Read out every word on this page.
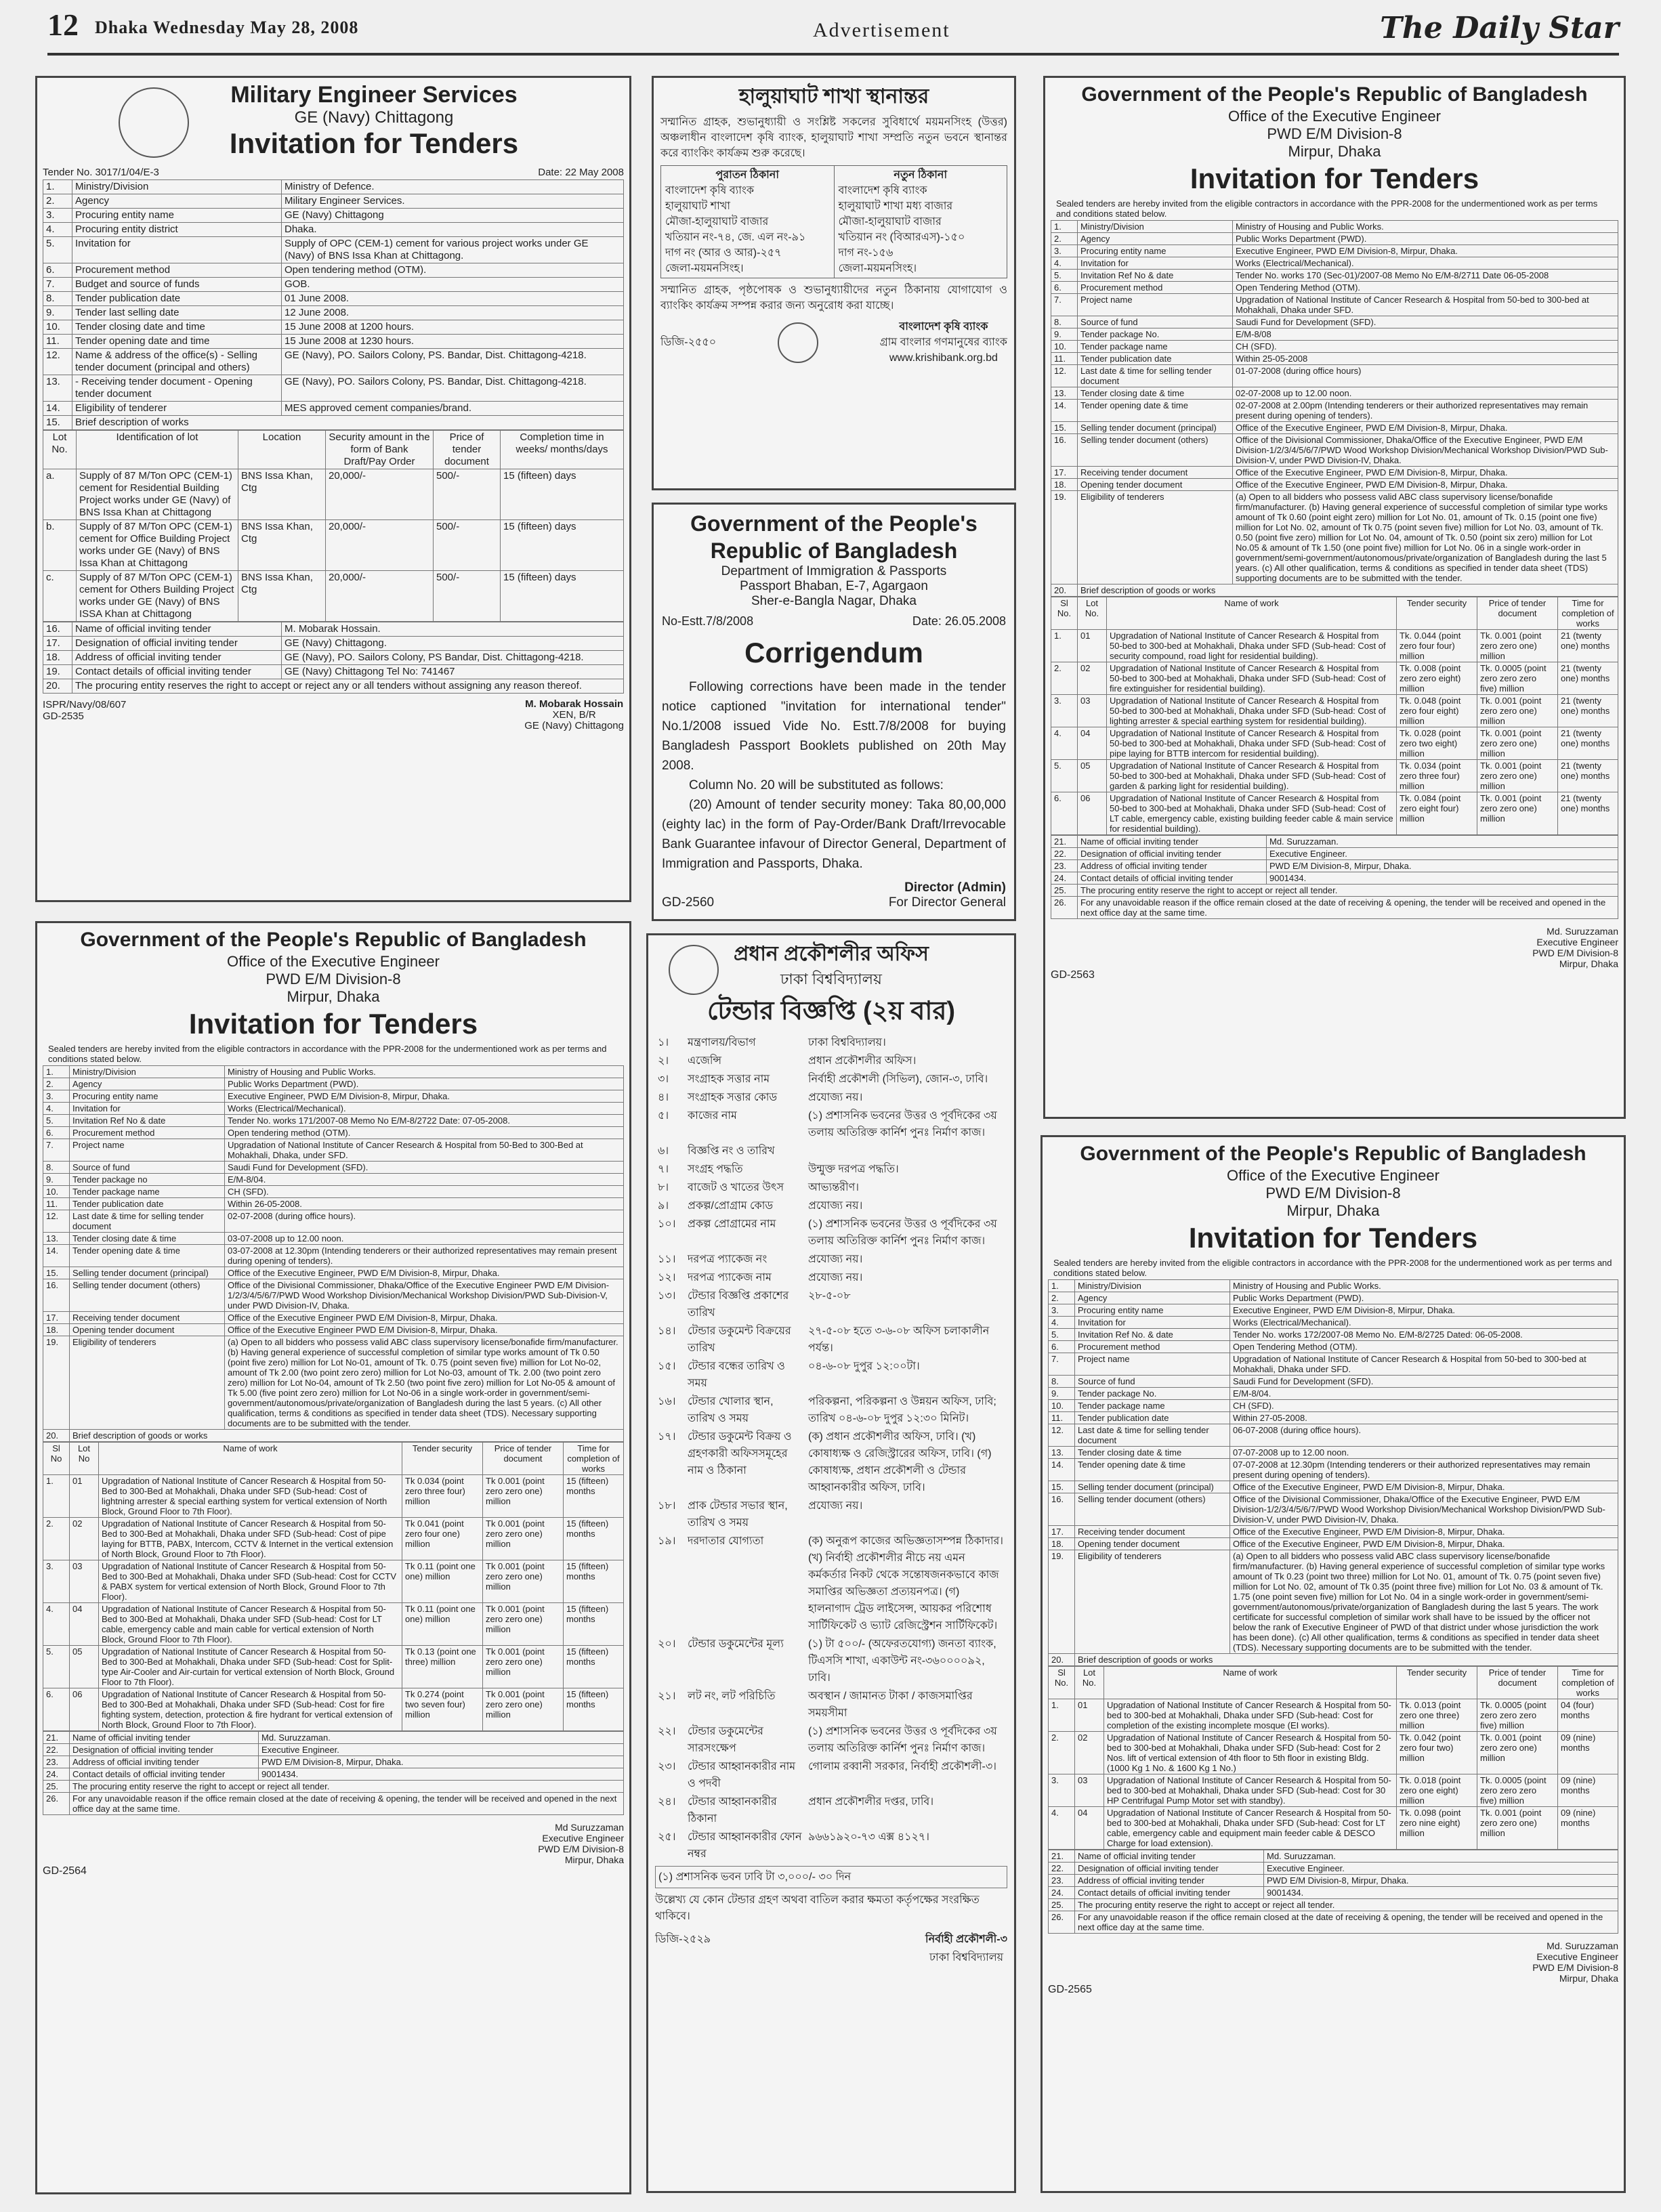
12 Dhaka Wednesday May 28, 2008	Advertisement	The Daily Star
Military Engineer Services
GE (Navy) Chittagong
Invitation for Tenders
Tender No. 3017/1/04/E-3	Date: 22 May 2008
1.	Ministry/Division	Ministry of Defence.
2.	Agency	Military Engineer Services.
3.	Procuring entity name	GE (Navy) Chittagong
4.	Procuring entity district	Dhaka.
5.	Invitation for	Supply of OPC (CEM-1) cement for various project works under GE (Navy) of BNS Issa Khan at Chittagong.
6.	Procurement method	Open tendering method (OTM).
7.	Budget and source of funds	GOB.
8.	Tender publication date	01 June 2008.
9.	Tender last selling date	12 June 2008.
10.	Tender closing date and time	15 June 2008 at 1200 hours.
11.	Tender opening date and time	15 June 2008 at 1230 hours.
12.	Name & address of the office(s) - Selling tender document (principal and others)	GE (Navy), PO. Sailors Colony, PS. Bandar, Dist. Chittagong-4218.
13.	- Receiving tender document - Opening tender document	GE (Navy), PO. Sailors Colony, PS. Bandar, Dist. Chittagong-4218.
14.	Eligibility of tenderer	MES approved cement companies/brand.
15.	Brief description of works	
Lot No.	Identification of lot	Location	Security amount in the form of Bank Draft/Pay Order	Price of tender document	Completion time in weeks/ months/days
a.	Supply of 87 M/Ton OPC (CEM-1) cement for Residential Building Project works under GE (Navy) of BNS Issa Khan at Chittagong	BNS Issa Khan, Ctg	20,000/-	500/-	15 (fifteen) days
b.	Supply of 87 M/Ton OPC (CEM-1) cement for Office Building Project works under GE (Navy) of BNS Issa Khan at Chittagong	BNS Issa Khan, Ctg	20,000/-	500/-	15 (fifteen) days
c.	Supply of 87 M/Ton OPC (CEM-1) cement for Others Building Project works under GE (Navy) of BNS ISSA Khan at Chittagong	BNS Issa Khan, Ctg	20,000/-	500/-	15 (fifteen) days
16.	Name of official inviting tender	M. Mobarak Hossain.
17.	Designation of official inviting tender	GE (Navy) Chittagong.
18.	Address of official inviting tender	GE (Navy), PO. Sailors Colony, PS Bandar, Dist. Chittagong-4218.
19.	Contact details of official inviting tender	GE (Navy) Chittagong Tel No: 741467
20.	The procuring entity reserves the right to accept or reject any or all tenders without assigning any reason thereof.	
ISPR/Navy/08/607
GD-2535
M. Mobarak Hossain
XEN, B/R
GE (Navy) Chittagong
হালুয়াঘাট শাখা স্থানান্তর
সম্মানিত গ্রাহক, শুভানুধ্যায়ী ও সংশ্লিষ্ট সকলের সুবিধার্থে ময়মনসিংহ (উত্তর) অঞ্চলাধীন বাংলাদেশ কৃষি ব্যাংক, হালুয়াঘাট শাখা সম্প্রতি নতুন ভবনে স্থানান্তর করে ব্যাংকিং কার্যক্রম শুরু করেছে।
পুরাতন ঠিকানা
বাংলাদেশ কৃষি ব্যাংক
হালুয়াঘাট শাখা
মৌজা-হালুয়াঘাট বাজার
খতিয়ান নং-৭৪, জে. এল নং-৯১
দাগ নং (আর ও আর)-২৫৭
জেলা-ময়মনসিংহ।
নতুন ঠিকানা
বাংলাদেশ কৃষি ব্যাংক
হালুয়াঘাট শাখা মধ্য বাজার
মৌজা-হালুয়াঘাট বাজার
খতিয়ান নং (বিআরএস)-১৫০
দাগ নং-১৫৬
জেলা-ময়মনসিংহ।
সম্মানিত গ্রাহক, পৃষ্ঠপোষক ও শুভানুধ্যায়ীদের নতুন ঠিকানায় যোগাযোগ ও ব্যাংকিং কার্যক্রম সম্পন্ন করার জন্য অনুরোধ করা যাচ্ছে।
ডিজি-২৫৫০
বাংলাদেশ কৃষি ব্যাংক
গ্রাম বাংলার গণমানুষের ব্যাংক
www.krishibank.org.bd
Government of the People's
Republic of Bangladesh
Department of Immigration & Passports
Passport Bhaban, E-7, Agargaon
Sher-e-Bangla Nagar, Dhaka
No-Estt.7/8/2008	Date: 26.05.2008
Corrigendum
Following corrections have been made in the tender notice captioned "invitation for international tender" No.1/2008 issued Vide No. Estt.7/8/2008 for buying Bangladesh Passport Booklets published on 20th May 2008.
Column No. 20 will be substituted as follows:
(20) Amount of tender security money: Taka 80,00,000 (eighty lac) in the form of Pay-Order/Bank Draft/Irrevocable Bank Guarantee infavour of Director General, Department of Immigration and Passports, Dhaka.
Director (Admin)
GD-2560	For Director General
প্রধান প্রকৌশলীর অফিস
ঢাকা বিশ্ববিদ্যালয়
টেন্ডার বিজ্ঞপ্তি (২য় বার)
১।	মন্ত্রণালয়/বিভাগ	ঢাকা বিশ্ববিদ্যালয়।
২।	এজেন্সি	প্রধান প্রকৌশলীর অফিস।
৩।	সংগ্রাহক সত্তার নাম	নির্বাহী প্রকৌশলী (সিভিল), জোন-৩, ঢাবি।
৪।	সংগ্রাহক সত্তার কোড	প্রযোজ্য নয়।
৫।	কাজের নাম	(১) প্রশাসনিক ভবনের উত্তর ও পূর্বদিকের ৩য় তলায় অতিরিক্ত কার্নিশ পুনঃ নির্মাণ কাজ।
৬।	বিজ্ঞপ্তি নং ও তারিখ	
৭।	সংগ্রহ পদ্ধতি	উন্মুক্ত দরপত্র পদ্ধতি।
৮।	বাজেট ও খাতের উৎস	আভ্যন্তরীণ।
৯।	প্রকল্প/প্রোগ্রাম কোড	প্রযোজ্য নয়।
১০।	প্রকল্প প্রোগ্রামের নাম	(১) প্রশাসনিক ভবনের উত্তর ও পূর্বদিকের ৩য় তলায় অতিরিক্ত কার্নিশ পুনঃ নির্মাণ কাজ।
১১।	দরপত্র প্যাকেজ নং	প্রযোজ্য নয়।
১২।	দরপত্র প্যাকেজ নাম	প্রযোজ্য নয়।
১৩।	টেন্ডার বিজ্ঞপ্তি প্রকাশের তারিখ	২৮-৫-০৮
১৪।	টেন্ডার ডকুমেন্ট বিক্রয়ের তারিখ	২৭-৫-০৮ হতে ৩-৬-০৮ অফিস চলাকালীন পর্যন্ত।
১৫।	টেন্ডার বন্ধের তারিখ ও সময়	০৪-৬-০৮ দুপুর ১২:০০টা।
১৬।	টেন্ডার খোলার স্থান, তারিখ ও সময়	পরিকল্পনা, পরিকল্পনা ও উন্নয়ন অফিস, ঢাবি; তারিখ ০৪-৬-০৮ দুপুর ১২:৩০ মিনিট।
১৭।	টেন্ডার ডকুমেন্ট বিক্রয় ও গ্রহণকারী অফিসসমূহের নাম ও ঠিকানা	(ক) প্রধান প্রকৌশলীর অফিস, ঢাবি। (খ) কোষাধ্যক্ষ ও রেজিস্ট্রারের অফিস, ঢাবি। (গ) কোষাধ্যক্ষ, প্রধান প্রকৌশলী ও টেন্ডার আহ্বানকারীর অফিস, ঢাবি।
১৮।	প্রাক টেন্ডার সভার স্থান, তারিখ ও সময়	প্রযোজ্য নয়।
১৯।	দরদাতার যোগ্যতা	(ক) অনুরূপ কাজের অভিজ্ঞতাসম্পন্ন ঠিকাদার। (খ) নির্বাহী প্রকৌশলীর নীচে নয় এমন কর্মকর্তার নিকট থেকে সন্তোষজনকভাবে কাজ সমাপ্তির অভিজ্ঞতা প্রত্যয়নপত্র। (গ) হালনাগাদ ট্রেড লাইসেন্স, আয়কর পরিশোধ সার্টিফিকেট ও ভ্যাট রেজিস্ট্রেশন সার্টিফিকেট।
২০।	টেন্ডার ডকুমেন্টের মূল্য	(১) টা ৫০০/- (অফেরতযোগ্য) জনতা ব্যাংক, টিএসসি শাখা, একাউন্ট নং-৩৬০০০০৯২, ঢাবি।
২১।	লট নং, লট পরিচিতি	অবস্থান / জামানত টাকা / কাজসমাপ্তির সময়সীমা
২২।	টেন্ডার ডকুমেন্টের সারসংক্ষেপ	(১) প্রশাসনিক ভবনের উত্তর ও পূর্বদিকের ৩য় তলায় অতিরিক্ত কার্নিশ পুনঃ নির্মাণ কাজ।
২৩।	টেন্ডার আহ্বানকারীর নাম ও পদবী	গোলাম রব্বানী সরকার, নির্বাহী প্রকৌশলী-৩।
২৪।	টেন্ডার আহ্বানকারীর ঠিকানা	প্রধান প্রকৌশলীর দপ্তর, ঢাবি।
২৫।	টেন্ডার আহ্বানকারীর ফোন নম্বর	৯৬৬১৯২০-৭৩ এক্স ৪১২৭।
(১) প্রশাসনিক ভবন ঢাবি টা ৩,০০০/- ৩০ দিন
উল্লেখ্য যে কোন টেন্ডার গ্রহণ অথবা বাতিল করার ক্ষমতা কর্তৃপক্ষের সংরক্ষিত থাকিবে।
ডিজি-২৫২৯	নির্বাহী প্রকৌশলী-৩
ঢাকা বিশ্ববিদ্যালয়
Government of the People's Republic of Bangladesh
Office of the Executive Engineer
PWD E/M Division-8
Mirpur, Dhaka
Invitation for Tenders
Sealed tenders are hereby invited from the eligible contractors in accordance with the PPR-2008 for the undermentioned work as per terms and conditions stated below.
1.	Ministry/Division	Ministry of Housing and Public Works.
2.	Agency	Public Works Department (PWD).
3.	Procuring entity name	Executive Engineer, PWD E/M Division-8, Mirpur, Dhaka.
4.	Invitation for	Works (Electrical/Mechanical).
5.	Invitation Ref No & date	Tender No. works 170 (Sec-01)/2007-08 Memo No E/M-8/2711 Date 06-05-2008
6.	Procurement method	Open Tendering Method (OTM).
7.	Project name	Upgradation of National Institute of Cancer Research & Hospital from 50-bed to 300-bed at Mohakhali, Dhaka under SFD.
8.	Source of fund	Saudi Fund for Development (SFD).
9.	Tender package No.	E/M-8/08
10.	Tender package name	CH (SFD).
11.	Tender publication date	Within 25-05-2008
12.	Last date & time for selling tender document	01-07-2008 (during office hours)
13.	Tender closing date & time	02-07-2008 up to 12.00 noon.
14.	Tender opening date & time	02-07-2008 at 2.00pm (Intending tenderers or their authorized representatives may remain present during opening of tenders).
15.	Selling tender document (principal)	Office of the Executive Engineer, PWD E/M Division-8, Mirpur, Dhaka.
16.	Selling tender document (others)	Office of the Divisional Commissioner, Dhaka/Office of the Executive Engineer, PWD E/M Division-1/2/3/4/5/6/7/PWD Wood Workshop Division/Mechanical Workshop Division/PWD Sub-Division-V, under PWD Division-IV, Dhaka.
17.	Receiving tender document	Office of the Executive Engineer, PWD E/M Division-8, Mirpur, Dhaka.
18.	Opening tender document	Office of the Executive Engineer, PWD E/M Division-8, Mirpur, Dhaka.
19.	Eligibility of tenderers	(a) Open to all bidders who possess valid ABC class supervisory license/bonafide firm/manufacturer. (b) Having general experience of successful completion of similar type works amount of Tk 0.60 (point eight zero) million for Lot No. 01, amount of Tk. 0.15 (point one five) million for Lot No. 02, amount of Tk 0.75 (point seven five) million for Lot No. 03, amount of Tk. 0.50 (point five zero) million for Lot No. 04, amount of Tk. 0.50 (point six zero) million for Lot No.05 & amount of Tk 1.50 (one point five) million for Lot No. 06 in a single work-order in government/semi-government/autonomous/private/organization of Bangladesh during the last 5 years. (c) All other qualification, terms & conditions as specified in tender data sheet (TDS) supporting documents are to be submitted with the tender.
20.	Brief description of goods or works	
Sl No.	Lot No.	Name of work	Tender security	Price of tender document	Time for completion of works
1.	01	Upgradation of National Institute of Cancer Research & Hospital from 50-bed to 300-bed at Mohakhali, Dhaka under SFD (Sub-head: Cost of security compound, road light for residential building).	Tk. 0.044 (point zero four four) million	Tk. 0.001 (point zero zero one) million	21 (twenty one) months
2.	02	Upgradation of National Institute of Cancer Research & Hospital from 50-bed to 300-bed at Mohakhali, Dhaka under SFD (Sub-head: Cost of fire extinguisher for residential building).	Tk. 0.008 (point zero zero eight) million	Tk. 0.0005 (point zero zero zero five) million	21 (twenty one) months
3.	03	Upgradation of National Institute of Cancer Research & Hospital from 50-bed to 300-bed at Mohakhali, Dhaka under SFD (Sub-head: Cost of lighting arrester & special earthing system for residential building).	Tk. 0.048 (point zero four eight) million	Tk. 0.001 (point zero zero one) million	21 (twenty one) months
4.	04	Upgradation of National Institute of Cancer Research & Hospital from 50-bed to 300-bed at Mohakhali, Dhaka under SFD (Sub-head: Cost of pipe laying for BTTB intercom for residential building).	Tk. 0.028 (point zero two eight) million	Tk. 0.001 (point zero zero one) million	21 (twenty one) months
5.	05	Upgradation of National Institute of Cancer Research & Hospital from 50-bed to 300-bed at Mohakhali, Dhaka under SFD (Sub-head: Cost of garden & parking light for residential building).	Tk. 0.034 (point zero three four) million	Tk. 0.001 (point zero zero one) million	21 (twenty one) months
6.	06	Upgradation of National Institute of Cancer Research & Hospital from 50-bed to 300-bed at Mohakhali, Dhaka under SFD (Sub-head: Cost of LT cable, emergency cable, existing building feeder cable & main service for residential building).	Tk. 0.084 (point zero eight four) million	Tk. 0.001 (point zero zero one) million	21 (twenty one) months
21.	Name of official inviting tender	Md. Suruzzaman.
22.	Designation of official inviting tender	Executive Engineer.
23.	Address of official inviting tender	PWD E/M Division-8, Mirpur, Dhaka.
24.	Contact details of official inviting tender	9001434.
25.	The procuring entity reserve the right to accept or reject all tender.	
26.	For any unavoidable reason if the office remain closed at the date of receiving & opening, the tender will be received and opened in the next office day at the same time.	
Md. Suruzzaman
Executive Engineer
PWD E/M Division-8
Mirpur, Dhaka
GD-2563
Government of the People's Republic of Bangladesh
Office of the Executive Engineer
PWD E/M Division-8
Mirpur, Dhaka
Invitation for Tenders
Sealed tenders are hereby invited from the eligible contractors in accordance with the PPR-2008 for the undermentioned work as per terms and conditions stated below.
1.	Ministry/Division	Ministry of Housing and Public Works.
2.	Agency	Public Works Department (PWD).
3.	Procuring entity name	Executive Engineer, PWD E/M Division-8, Mirpur, Dhaka.
4.	Invitation for	Works (Electrical/Mechanical).
5.	Invitation Ref No & date	Tender No. works 171/2007-08 Memo No E/M-8/2722 Date: 07-05-2008.
6.	Procurement method	Open tendering method (OTM).
7.	Project name	Upgradation of National Institute of Cancer Research & Hospital from 50-Bed to 300-Bed at Mohakhali, Dhaka, under SFD.
8.	Source of fund	Saudi Fund for Development (SFD).
9.	Tender package no	E/M-8/04.
10.	Tender package name	CH (SFD).
11.	Tender publication date	Within 26-05-2008.
12.	Last date & time for selling tender document	02-07-2008 (during office hours).
13.	Tender closing date & time	03-07-2008 up to 12.00 noon.
14.	Tender opening date & time	03-07-2008 at 12.30pm (Intending tenderers or their authorized representatives may remain present during opening of tenders).
15.	Selling tender document (principal)	Office of the Executive Engineer, PWD E/M Division-8, Mirpur, Dhaka.
16.	Selling tender document (others)	Office of the Divisional Commissioner, Dhaka/Office of the Executive Engineer PWD E/M Division-1/2/3/4/5/6/7/PWD Wood Workshop Division/Mechanical Workshop Division/PWD Sub-Division-V, under PWD Division-IV, Dhaka.
17.	Receiving tender document	Office of the Executive Engineer PWD E/M Division-8, Mirpur, Dhaka.
18.	Opening tender document	Office of the Executive Engineer PWD E/M Division-8, Mirpur, Dhaka.
19.	Eligibility of tenderers	(a) Open to all bidders who possess valid ABC class supervisory license/bonafide firm/manufacturer. (b) Having general experience of successful completion of similar type works amount of Tk 0.50 (point five zero) million for Lot No-01, amount of Tk. 0.75 (point seven five) million for Lot No-02, amount of Tk 2.00 (two point zero zero) million for Lot No-03, amount of Tk. 2.00 (two point zero zero) million for Lot No-04, amount of Tk 2.50 (two point five zero) million for Lot No-05 & amount of Tk 5.00 (five point zero zero) million for Lot No-06 in a single work-order in government/semi-government/autonomous/private/organization of Bangladesh during the last 5 years. (c) All other qualification, terms & conditions as specified in tender data sheet (TDS). Necessary supporting documents are to be submitted with the tender.
20.	Brief description of goods or works	
Sl No	Lot No	Name of work	Tender security	Price of tender document	Time for completion of works
1.	01	Upgradation of National Institute of Cancer Research & Hospital from 50-Bed to 300-Bed at Mohakhali, Dhaka under SFD (Sub-head: Cost of lightning arrester & special earthing system for vertical extension of North Block, Ground Floor to 7th Floor).	Tk 0.034 (point zero three four) million	Tk 0.001 (point zero zero one) million	15 (fifteen) months
2.	02	Upgradation of National Institute of Cancer Research & Hospital from 50-Bed to 300-Bed at Mohakhali, Dhaka under SFD (Sub-head: Cost of pipe laying for BTTB, PABX, Intercom, CCTV & Internet in the vertical extension of North Block, Ground Floor to 7th Floor).	Tk 0.041 (point zero four one) million	Tk 0.001 (point zero zero one) million	15 (fifteen) months
3.	03	Upgradation of National Institute of Cancer Research & Hospital from 50-Bed to 300-Bed at Mohakhali, Dhaka under SFD (Sub-head: Cost for CCTV & PABX system for vertical extension of North Block, Ground Floor to 7th Floor).	Tk 0.11 (point one one) million	Tk 0.001 (point zero zero one) million	15 (fifteen) months
4.	04	Upgradation of National Institute of Cancer Research & Hospital from 50-Bed to 300-Bed at Mohakhali, Dhaka under SFD (Sub-head: Cost for LT cable, emergency cable and main cable for vertical extension of North Block, Ground Floor to 7th Floor).	Tk 0.11 (point one one) million	Tk 0.001 (point zero zero one) million	15 (fifteen) months
5.	05	Upgradation of National Institute of Cancer Research & Hospital from 50-Bed to 300-Bed at Mohakhali, Dhaka under SFD (Sub-head: Cost for Split-type Air-Cooler and Air-curtain for vertical extension of North Block, Ground Floor to 7th Floor).	Tk 0.13 (point one three) million	Tk 0.001 (point zero zero one) million	15 (fifteen) months
6.	06	Upgradation of National Institute of Cancer Research & Hospital from 50-Bed to 300-Bed at Mohakhali, Dhaka under SFD (Sub-head: Cost for fire fighting system, detection, protection & fire hydrant for vertical extension of North Block, Ground Floor to 7th Floor).	Tk 0.274 (point two seven four) million	Tk 0.001 (point zero zero one) million	15 (fifteen) months
21.	Name of official inviting tender	Md. Suruzzaman.
22.	Designation of official inviting tender	Executive Engineer.
23.	Address of official inviting tender	PWD E/M Division-8, Mirpur, Dhaka.
24.	Contact details of official inviting tender	9001434.
25.	The procuring entity reserve the right to accept or reject all tender.	
26.	For any unavoidable reason if the office remain closed at the date of receiving & opening, the tender will be received and opened in the next office day at the same time.	
Md Suruzzaman
Executive Engineer
PWD E/M Division-8
Mirpur, Dhaka
GD-2564
Government of the People's Republic of Bangladesh
Office of the Executive Engineer
PWD E/M Division-8
Mirpur, Dhaka
Invitation for Tenders
Sealed tenders are hereby invited from the eligible contractors in accordance with the PPR-2008 for the undermentioned work as per terms and conditions stated below.
1.	Ministry/Division	Ministry of Housing and Public Works.
2.	Agency	Public Works Department (PWD).
3.	Procuring entity name	Executive Engineer, PWD E/M Division-8, Mirpur, Dhaka.
4.	Invitation for	Works (Electrical/Mechanical).
5.	Invitation Ref No. & date	Tender No. works 172/2007-08 Memo No. E/M-8/2725 Dated: 06-05-2008.
6.	Procurement method	Open Tendering Method (OTM).
7.	Project name	Upgradation of National Institute of Cancer Research & Hospital from 50-bed to 300-bed at Mohakhali, Dhaka under SFD.
8.	Source of fund	Saudi Fund for Development (SFD).
9.	Tender package No.	E/M-8/04.
10.	Tender package name	CH (SFD).
11.	Tender publication date	Within 27-05-2008.
12.	Last date & time for selling tender document	06-07-2008 (during office hours).
13.	Tender closing date & time	07-07-2008 up to 12.00 noon.
14.	Tender opening date & time	07-07-2008 at 12.30pm (Intending tenderers or their authorized representatives may remain present during opening of tenders).
15.	Selling tender document (principal)	Office of the Executive Engineer, PWD E/M Division-8, Mirpur, Dhaka.
16.	Selling tender document (others)	Office of the Divisional Commissioner, Dhaka/Office of the Executive Engineer, PWD E/M Division-1/2/3/4/5/6/7/PWD Wood Workshop Division/Mechanical Workshop Division/PWD Sub-Division-V, under PWD Division-IV, Dhaka.
17.	Receiving tender document	Office of the Executive Engineer, PWD E/M Division-8, Mirpur, Dhaka.
18.	Opening tender document	Office of the Executive Engineer, PWD E/M Division-8, Mirpur, Dhaka.
19.	Eligibility of tenderers	(a) Open to all bidders who possess valid ABC class supervisory license/bonafide firm/manufacturer. (b) Having general experience of successful completion of similar type works amount of Tk 0.23 (point two three) million for Lot No. 01, amount of Tk. 0.75 (point seven five) million for Lot No. 02, amount of Tk 0.35 (point three five) million for Lot No. 03 & amount of Tk. 1.75 (one point seven five) million for Lot No. 04 in a single work-order in government/semi-government/autonomous/private/organization of Bangladesh during the last 5 years. The work certificate for successful completion of similar work shall have to be issued by the officer not below the rank of Executive Engineer of PWD of that district under whose jurisdiction the work has been done). (c) All other qualification, terms & conditions as specified in tender data sheet (TDS). Necessary supporting documents are to be submitted with the tender.
20.	Brief description of goods or works	
Sl No.	Lot No.	Name of work	Tender security	Price of tender document	Time for completion of works
1.	01	Upgradation of National Institute of Cancer Research & Hospital from 50-bed to 300-bed at Mohakhali, Dhaka under SFD (Sub-head: Cost for completion of the existing incomplete mosque (EI works).	Tk. 0.013 (point zero one three) million	Tk. 0.0005 (point zero zero zero five) million	04 (four) months
2.	02	Upgradation of National Institute of Cancer Research & Hospital from 50-bed to 300-bed at Mohakhali, Dhaka under SFD (Sub-head: Cost for 2 Nos. lift of vertical extension of 4th floor to 5th floor in existing Bldg. (1000 Kg 1 No. & 1600 Kg 1 No.)	Tk. 0.042 (point zero four two) million	Tk. 0.001 (point zero zero one) million	09 (nine) months
3.	03	Upgradation of National Institute of Cancer Research & Hospital from 50-bed to 300-bed at Mohakhali, Dhaka under SFD (Sub-head: Cost for 30 HP Centrifugal Pump Motor set with standby).	Tk. 0.018 (point zero one eight) million	Tk. 0.0005 (point zero zero zero five) million	09 (nine) months
4.	04	Upgradation of National Institute of Cancer Research & Hospital from 50-bed to 300-bed at Mohakhali, Dhaka under SFD (Sub-head: Cost for LT cable, emergency cable and equipment main feeder cable & DESCO Charge for load extension).	Tk. 0.098 (point zero nine eight) million	Tk. 0.001 (point zero zero one) million	09 (nine) months
21.	Name of official inviting tender	Md. Suruzzaman.
22.	Designation of official inviting tender	Executive Engineer.
23.	Address of official inviting tender	PWD E/M Division-8, Mirpur, Dhaka.
24.	Contact details of official inviting tender	9001434.
25.	The procuring entity reserve the right to accept or reject all tender.	
26.	For any unavoidable reason if the office remain closed at the date of receiving & opening, the tender will be received and opened in the next office day at the same time.	
Md. Suruzzaman
Executive Engineer
PWD E/M Division-8
Mirpur, Dhaka
GD-2565
